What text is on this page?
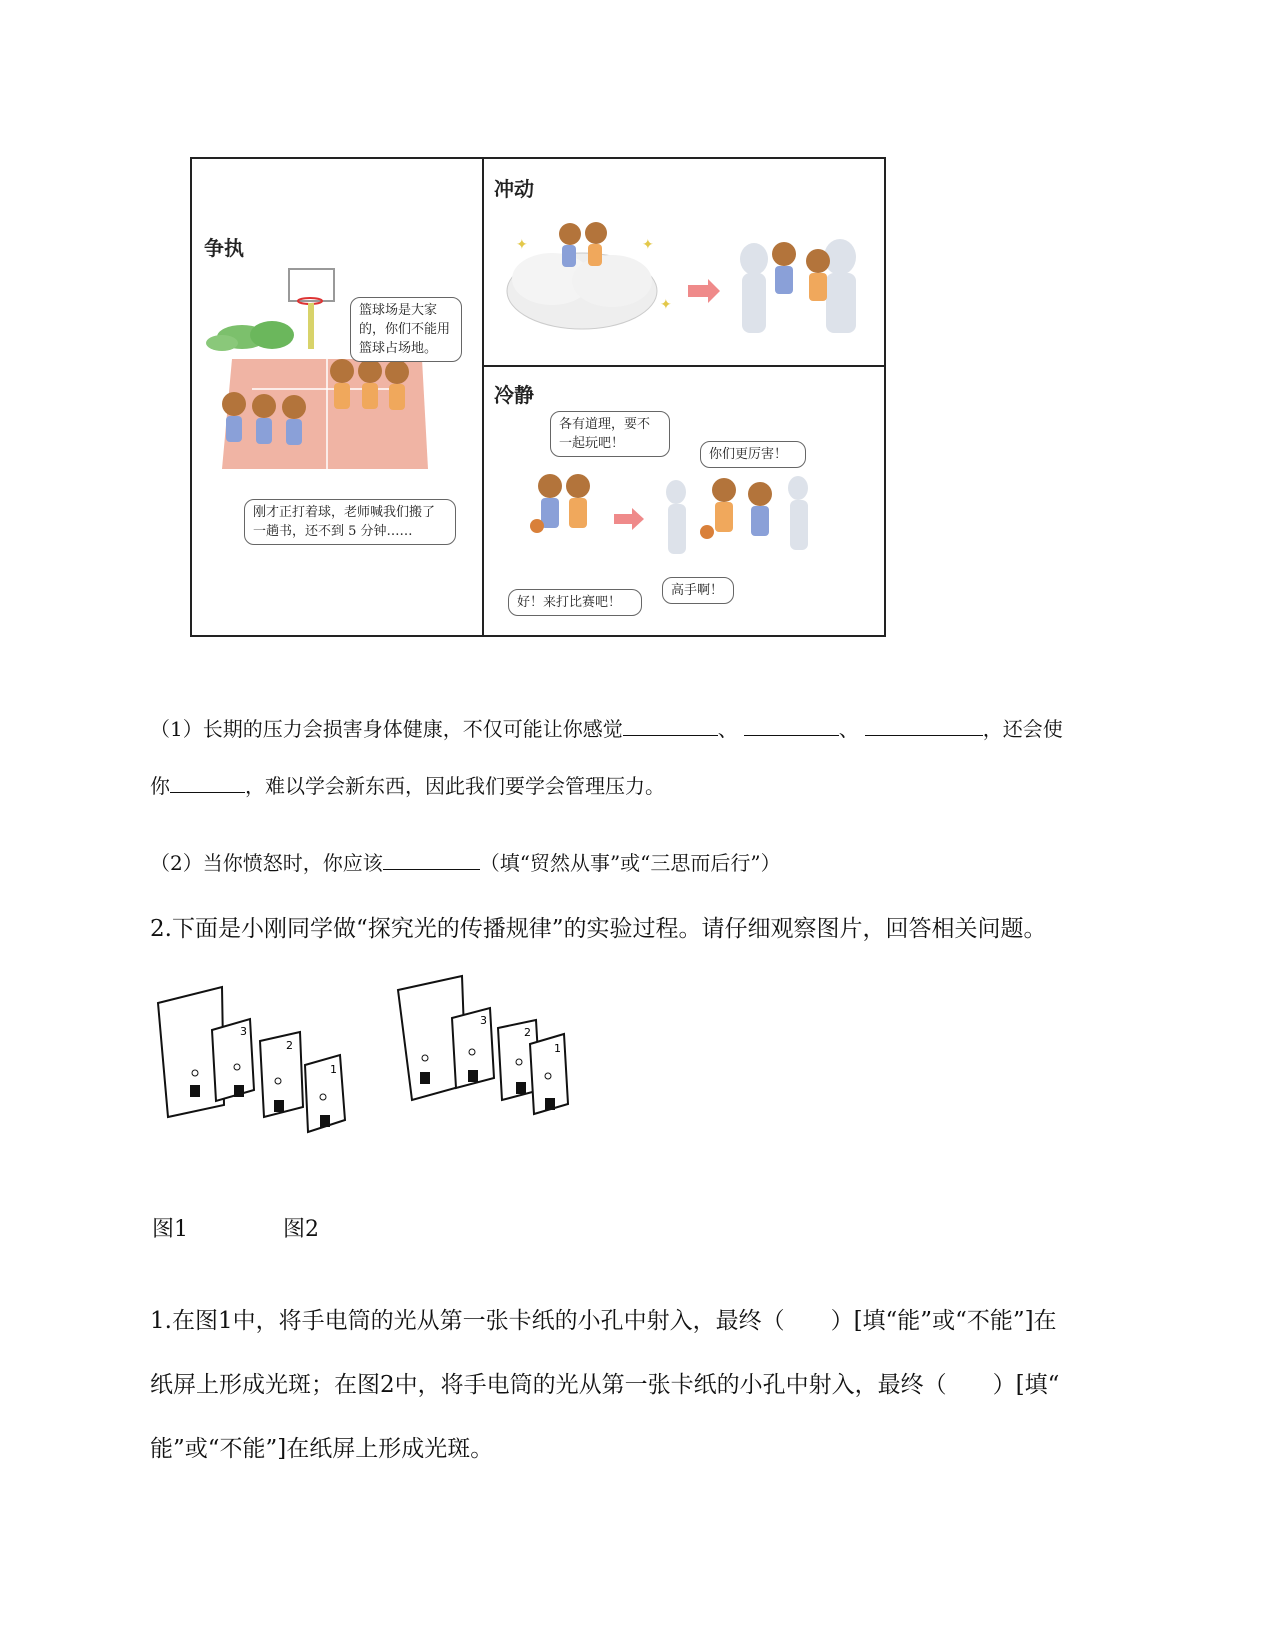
争执
篮球场是大家的，你们不能用篮球占场地。
刚才正打着球，老师喊我们搬了一趟书，还不到 5 分钟……
冲动
✦	✦
✦
冷静
各有道理，要不一起玩吧！
你们更厉害！
好！来打比赛吧！
高手啊！
（1）长期的压力会损害身体健康，不仅可能让你感觉	、	、	，还会使
你	，难以学会新东西，因此我们要学会管理压力。
（2）当你愤怒时，你应该	（填“贸然从事”或“三思而后行”）
2.下面是小刚同学做“探究光的传播规律”的实验过程。请仔细观察图片，回答相关问题。
3
2
1
3
2
1
图1	图2
1.在图1中，将手电筒的光从第一张卡纸的小孔中射入，最终（　　）[填“能”或“不能”]在
纸屏上形成光斑；在图2中，将手电筒的光从第一张卡纸的小孔中射入，最终（　　）[填“
能”或“不能”]在纸屏上形成光斑。
